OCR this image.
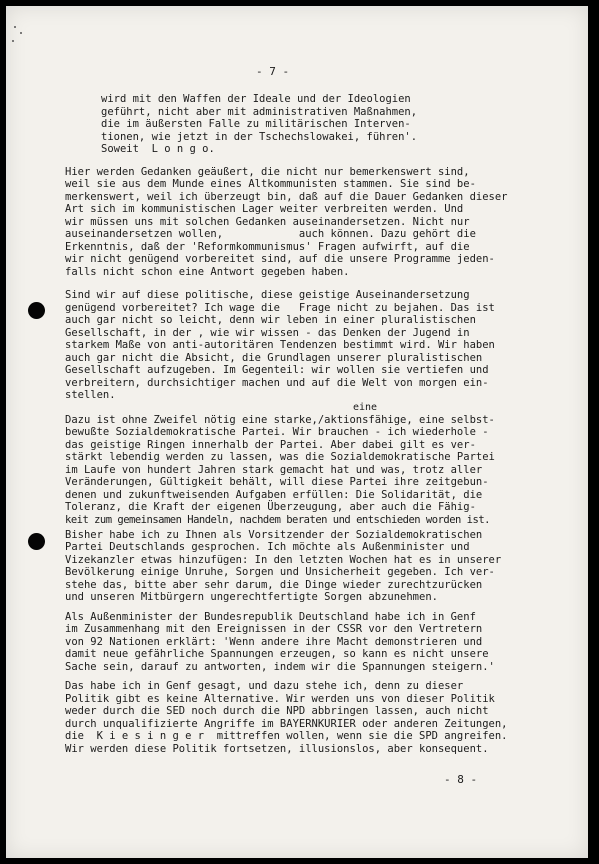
- 7 -

wird mit den Waffen der Ideale und der Ideologien

geführt, nicht aber mit administrativen Maßnahmen,

die im äußersten Falle zu militärischen Interven-

tionen, wie jetzt in der Tschechslowakei, führen'.

Soweit  L o n g o.

Hier werden Gedanken geäußert, die nicht nur bemerkenswert sind,

weil sie aus dem Munde eines Altkommunisten stammen. Sie sind be-

merkenswert, weil ich überzeugt bin, daß auf die Dauer Gedanken dieser

Art sich im kommunistischen Lager weiter verbreiten werden. Und

wir müssen uns mit solchen Gedanken auseinandersetzen. Nicht nur

auseinandersetzen wollen,            auch können. Dazu gehört die

Erkenntnis, daß der 'Reformkommunismus' Fragen aufwirft, auf die

wir nicht genügend vorbereitet sind, auf die unsere Programme jeden-

falls nicht schon eine Antwort gegeben haben.

Sind wir auf diese politische, diese geistige Auseinandersetzung

genügend vorbereitet? Ich wage die   Frage nicht zu bejahen. Das ist

auch gar nicht so leicht, denn wir leben in einer pluralistischen

Gesellschaft, in der , wie wir wissen - das Denken der Jugend in

starkem Maße von anti-autoritären Tendenzen bestimmt wird. Wir haben

auch gar nicht die Absicht, die Grundlagen unserer pluralistischen

Gesellschaft aufzugeben. Im Gegenteil: wir wollen sie vertiefen und

verbreitern, durchsichtiger machen und auf die Welt von morgen ein-

stellen.

eine

Dazu ist ohne Zweifel nötig eine starke,/aktionsfähige, eine selbst-

bewußte Sozialdemokratische Partei. Wir brauchen - ich wiederhole -

das geistige Ringen innerhalb der Partei. Aber dabei gilt es ver-

stärkt lebendig werden zu lassen, was die Sozialdemokratische Partei

im Laufe von hundert Jahren stark gemacht hat und was, trotz aller

Veränderungen, Gültigkeit behält, will diese Partei ihre zeitgebun-

denen und zukunftweisenden Aufgaben erfüllen: Die Solidarität, die

Toleranz, die Kraft der eigenen Überzeugung, aber auch die Fähig-

keit zum gemeinsamen Handeln, nachdem beraten und entschieden worden ist.

Bisher habe ich zu Ihnen als Vorsitzender der Sozialdemokratischen

Partei Deutschlands gesprochen. Ich möchte als Außenminister und

Vizekanzler etwas hinzufügen: In den letzten Wochen hat es in unserer

Bevölkerung einige Unruhe, Sorgen und Unsicherheit gegeben. Ich ver-

stehe das, bitte aber sehr darum, die Dinge wieder zurechtzurücken

und unseren Mitbürgern ungerechtfertigte Sorgen abzunehmen.

Als Außenminister der Bundesrepublik Deutschland habe ich in Genf

im Zusammenhang mit den Ereignissen in der CSSR vor den Vertretern

von 92 Nationen erklärt: 'Wenn andere ihre Macht demonstrieren und

damit neue gefährliche Spannungen erzeugen, so kann es nicht unsere

Sache sein, darauf zu antworten, indem wir die Spannungen steigern.'

Das habe ich in Genf gesagt, und dazu stehe ich, denn zu dieser

Politik gibt es keine Alternative. Wir werden uns von dieser Politik

weder durch die SED noch durch die NPD abbringen lassen, auch nicht

durch unqualifizierte Angriffe im BAYERNKURIER oder anderen Zeitungen,

die  K i e s i n g e r  mittreffen wollen, wenn sie die SPD angreifen.

Wir werden diese Politik fortsetzen, illusionslos, aber konsequent.

- 8 -
